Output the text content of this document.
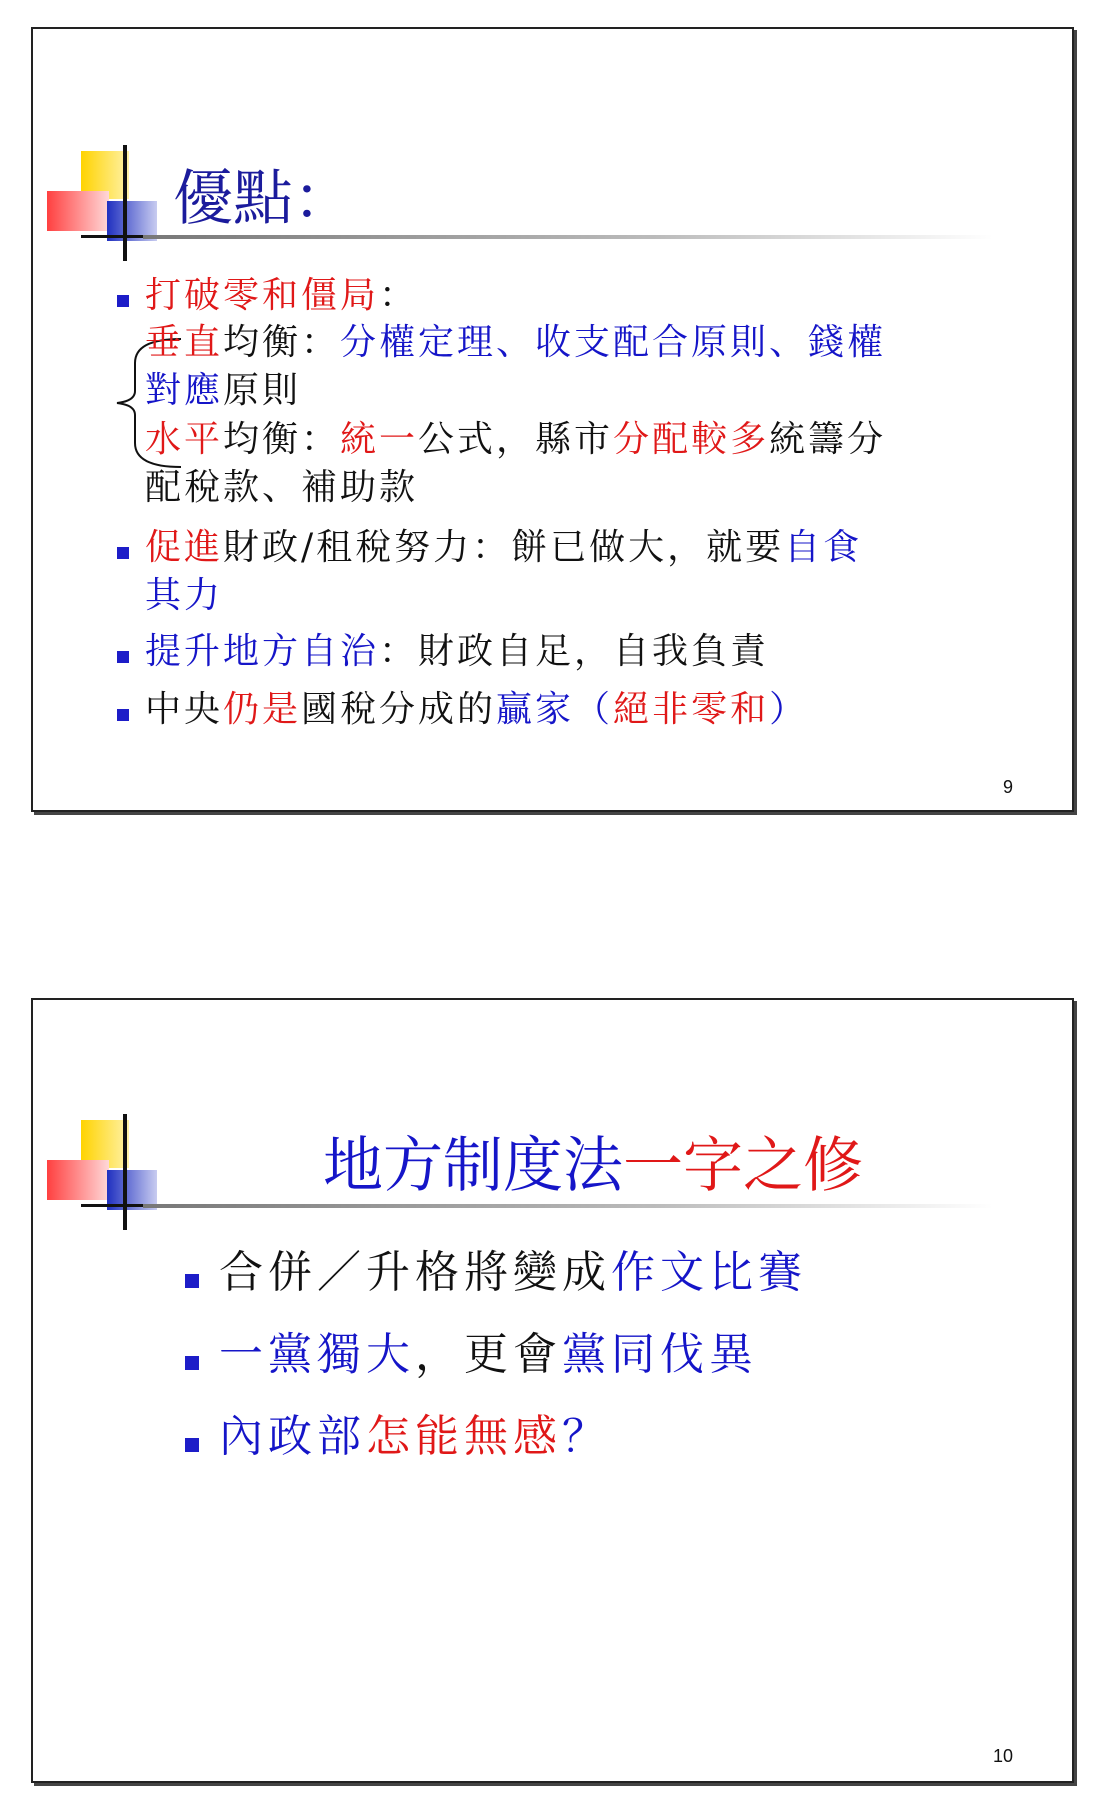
優點：
打破零和僵局：
垂直均衡：分權定理、收支配合原則、錢權
對應原則
水平均衡：統一公式，縣市分配較多統籌分
配稅款、補助款
促進財政/租稅努力：餅已做大，就要自食
其力
提升地方自治：財政自足，自我負責
中央仍是國稅分成的贏家（絕非零和）
9
地方制度法一字之修
合併／升格將變成作文比賽
一黨獨大，更會黨同伐異
內政部怎能無感？
10
